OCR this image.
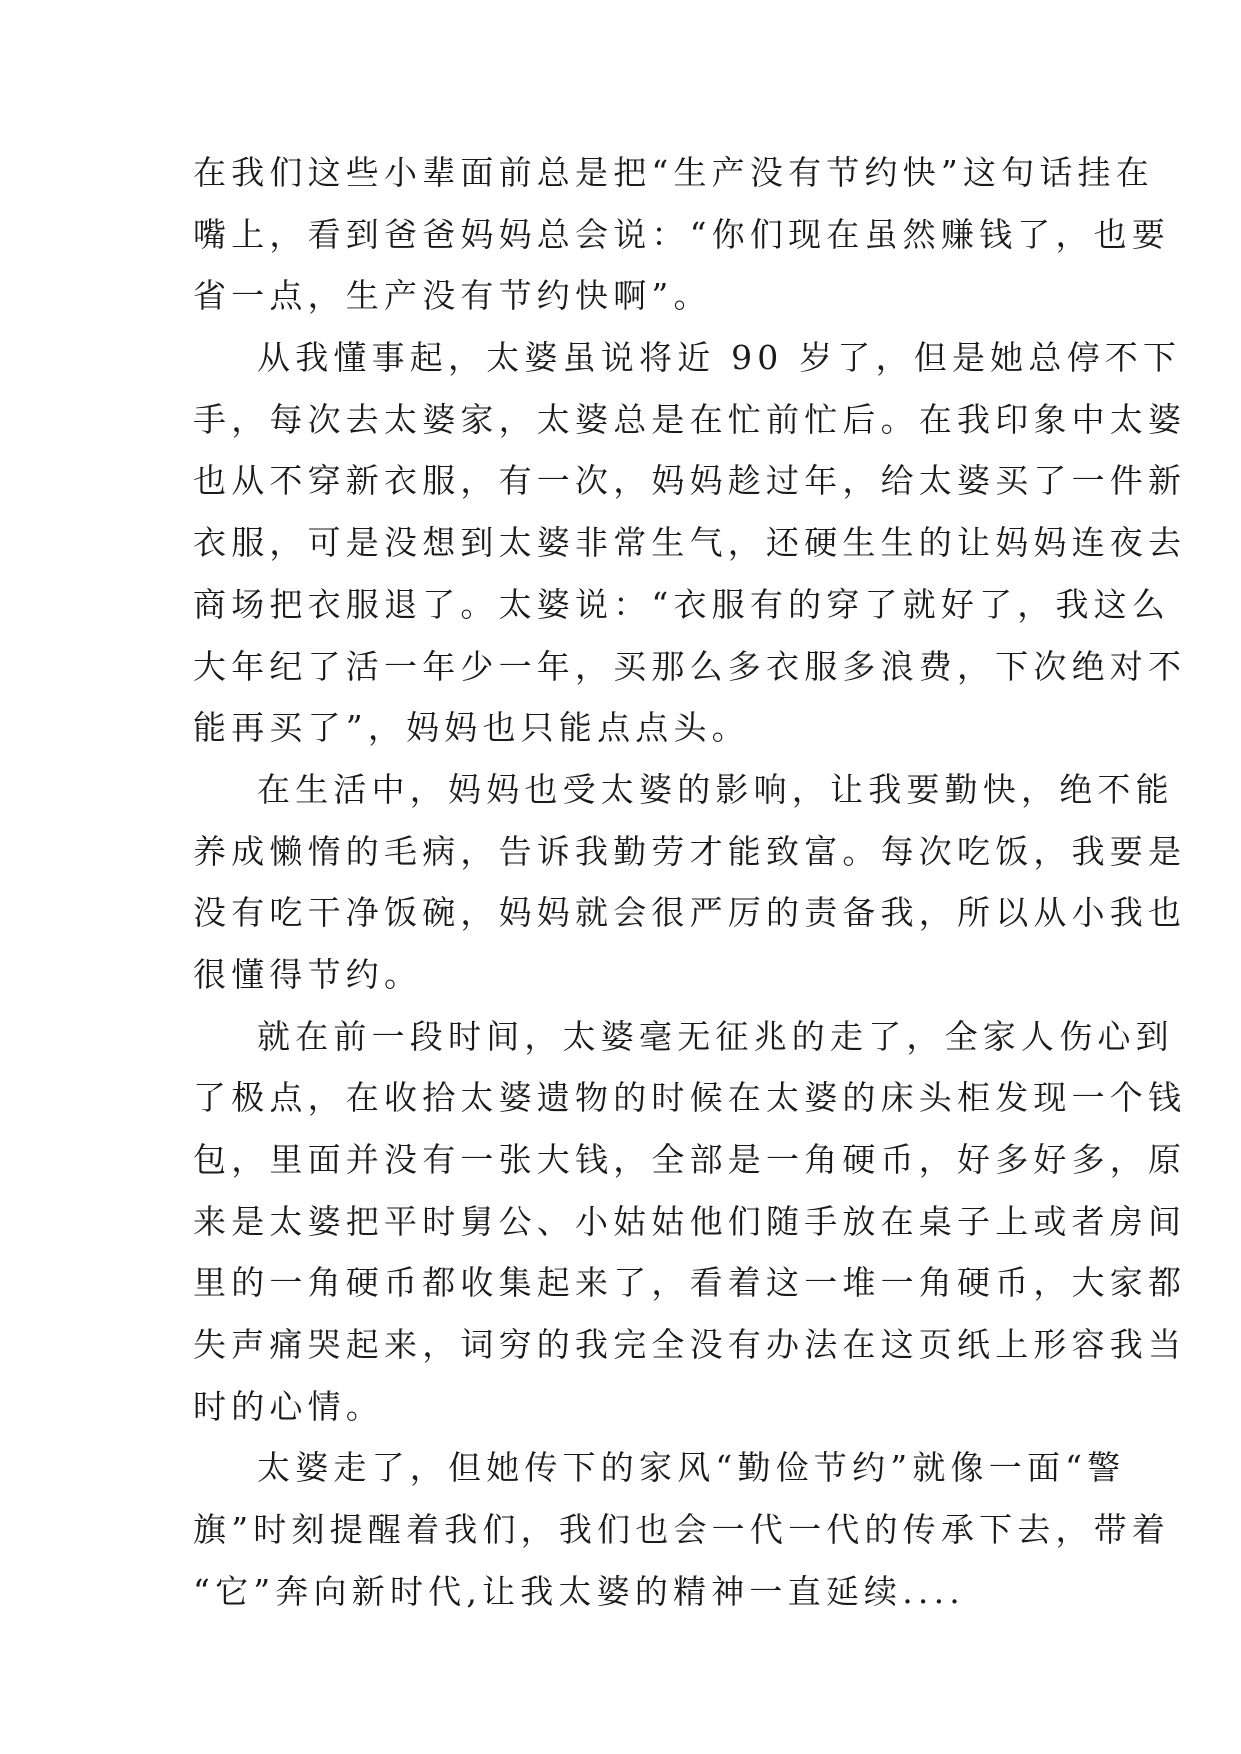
在我们这些小辈面前总是把“生产没有节约快”这句话挂在
嘴上，看到爸爸妈妈总会说：“你们现在虽然赚钱了，也要
省一点，生产没有节约快啊”。
从我懂事起，太婆虽说将近 90 岁了，但是她总停不下
手，每次去太婆家，太婆总是在忙前忙后。在我印象中太婆
也从不穿新衣服，有一次，妈妈趁过年，给太婆买了一件新
衣服，可是没想到太婆非常生气，还硬生生的让妈妈连夜去
商场把衣服退了。太婆说：“衣服有的穿了就好了，我这么
大年纪了活一年少一年，买那么多衣服多浪费，下次绝对不
能再买了”，妈妈也只能点点头。
在生活中，妈妈也受太婆的影响，让我要勤快，绝不能
养成懒惰的毛病，告诉我勤劳才能致富。每次吃饭，我要是
没有吃干净饭碗，妈妈就会很严厉的责备我，所以从小我也
很懂得节约。
就在前一段时间，太婆毫无征兆的走了，全家人伤心到
了极点，在收拾太婆遗物的时候在太婆的床头柜发现一个钱
包，里面并没有一张大钱，全部是一角硬币，好多好多，原
来是太婆把平时舅公、小姑姑他们随手放在桌子上或者房间
里的一角硬币都收集起来了，看着这一堆一角硬币，大家都
失声痛哭起来，词穷的我完全没有办法在这页纸上形容我当
时的心情。
太婆走了，但她传下的家风“勤俭节约”就像一面“警
旗”时刻提醒着我们，我们也会一代一代的传承下去，带着
“它”奔向新时代,让我太婆的精神一直延续....
